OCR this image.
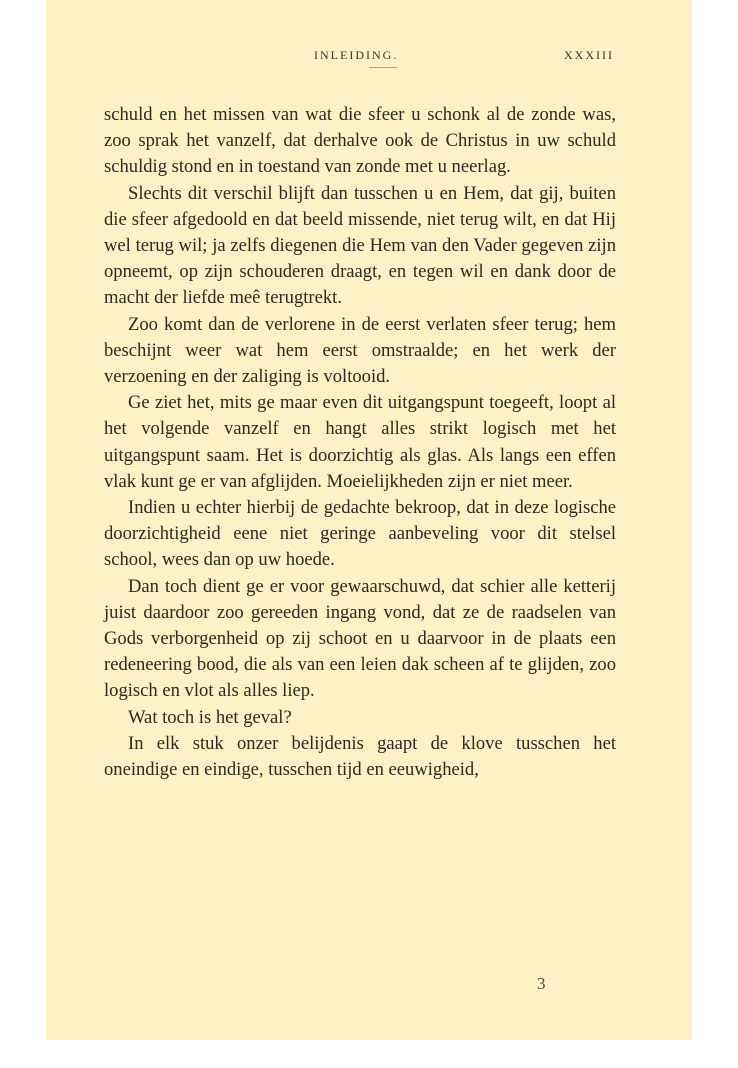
INLEIDING.	XXXIII

schuld en het missen van wat die sfeer u schonk al de zonde was, zoo sprak het vanzelf, dat derhalve ook de Christus in uw schuld schuldig stond en in toestand van zonde met u neerlag.

Slechts dit verschil blijft dan tusschen u en Hem, dat gij, buiten die sfeer afgedoold en dat beeld missende, niet terug wilt, en dat Hij wel terug wil; ja zelfs diegenen die Hem van den Vader gegeven zijn opneemt, op zijn schouderen draagt, en tegen wil en dank door de macht der liefde meê terugtrekt.

Zoo komt dan de verlorene in de eerst verlaten sfeer terug; hem beschijnt weer wat hem eerst omstraalde; en het werk der verzoening en der zaliging is voltooid.

Ge ziet het, mits ge maar even dit uitgangspunt toegeeft, loopt al het volgende vanzelf en hangt alles strikt logisch met het uitgangspunt saam. Het is doorzichtig als glas. Als langs een effen vlak kunt ge er van afglijden. Moeielijkheden zijn er niet meer.

Indien u echter hierbij de gedachte bekroop, dat in deze logische doorzichtigheid eene niet geringe aanbeveling voor dit stelsel school, wees dan op uw hoede.

Dan toch dient ge er voor gewaarschuwd, dat schier alle ketterij juist daardoor zoo gereeden ingang vond, dat ze de raadselen van Gods verborgenheid op zij schoot en u daarvoor in de plaats een redeneering bood, die als van een leien dak scheen af te glijden, zoo logisch en vlot als alles liep.

Wat toch is het geval?

In elk stuk onzer belijdenis gaapt de klove tusschen het oneindige en eindige, tusschen tijd en eeuwigheid,

3
